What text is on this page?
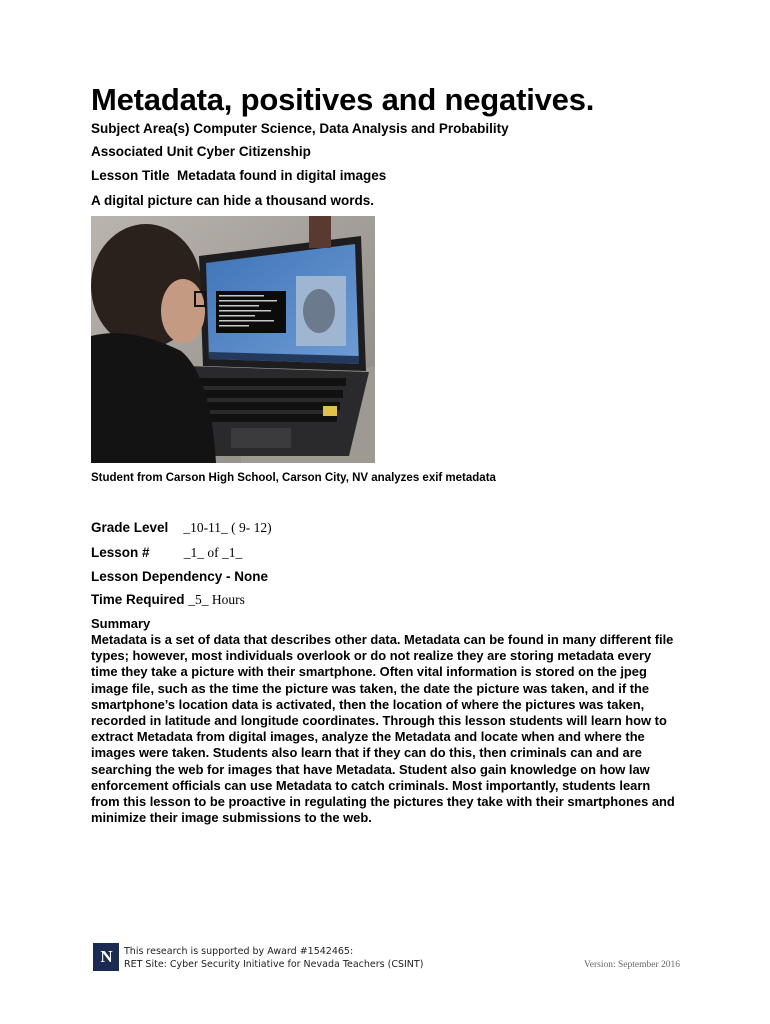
Metadata, positives and negatives.
Subject Area(s) Computer Science, Data Analysis and Probability
Associated Unit Cyber Citizenship
Lesson Title Metadata found in digital images
A digital picture can hide a thousand words.
Student from Carson High School, Carson City, NV analyzes exif metadata
Grade Level _10-11_ ( 9- 12)
Lesson #	_1_ of _1_
Lesson Dependency - None
Time Required _5_ Hours
Summary

Metadata is a set of data that describes other data. Metadata can be found in many different file types; however, most individuals overlook or do not realize they are storing metadata every time they take a picture with their smartphone. Often vital information is stored on the jpeg image file, such as the time the picture was taken, the date the picture was taken, and if the smartphone’s location data is activated, then the location of where the pictures was taken, recorded in latitude and longitude coordinates. Through this lesson students will learn how to extract Metadata from digital images, analyze the Metadata and locate when and where the images were taken. Students also learn that if they can do this, then criminals can and are searching the web for images that have Metadata. Student also gain knowledge on how law enforcement officials can use Metadata to catch criminals. Most importantly, students learn from this lesson to be proactive in regulating the pictures they take with their smartphones and minimize their image submissions to the web.

N This research is supported by Award #1542465:
RET Site: Cyber Security Initiative for Nevada Teachers (CSINT)	Version: September 2016
